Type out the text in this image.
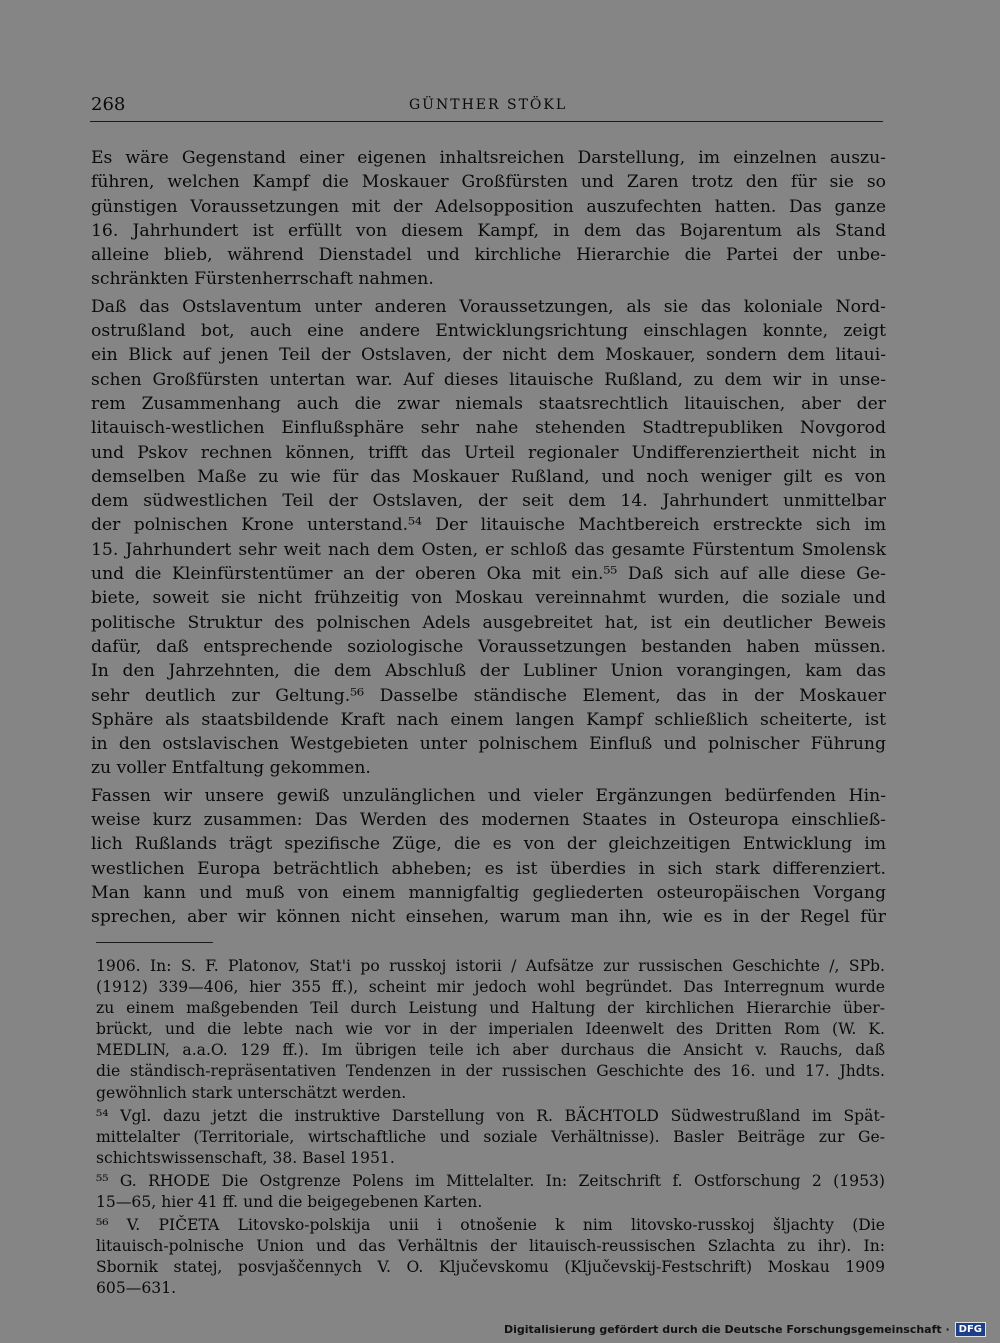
268	GÜNTHER STÖKL
Es wäre Gegenstand einer eigenen inhaltsreichen Darstellung, im einzelnen auszu-
führen, welchen Kampf die Moskauer Großfürsten und Zaren trotz den für sie so
günstigen Voraussetzungen mit der Adelsopposition auszufechten hatten. Das ganze
16. Jahrhundert ist erfüllt von diesem Kampf, in dem das Bojarentum als Stand
alleine blieb, während Dienstadel und kirchliche Hierarchie die Partei der unbe-
schränkten Fürstenherrschaft nahmen.
Daß das Ostslaventum unter anderen Voraussetzungen, als sie das koloniale Nord-
ostrußland bot, auch eine andere Entwicklungsrichtung einschlagen konnte, zeigt
ein Blick auf jenen Teil der Ostslaven, der nicht dem Moskauer, sondern dem litaui-
schen Großfürsten untertan war. Auf dieses litauische Rußland, zu dem wir in unse-
rem Zusammenhang auch die zwar niemals staatsrechtlich litauischen, aber der
litauisch-westlichen Einflußsphäre sehr nahe stehenden Stadtrepubliken Novgorod
und Pskov rechnen können, trifft das Urteil regionaler Undifferenziertheit nicht in
demselben Maße zu wie für das Moskauer Rußland, und noch weniger gilt es von
dem südwestlichen Teil der Ostslaven, der seit dem 14. Jahrhundert unmittelbar
der polnischen Krone unterstand.⁵⁴ Der litauische Machtbereich erstreckte sich im
15. Jahrhundert sehr weit nach dem Osten, er schloß das gesamte Fürstentum Smolensk
und die Kleinfürstentümer an der oberen Oka mit ein.⁵⁵ Daß sich auf alle diese Ge-
biete, soweit sie nicht frühzeitig von Moskau vereinnahmt wurden, die soziale und
politische Struktur des polnischen Adels ausgebreitet hat, ist ein deutlicher Beweis
dafür, daß entsprechende soziologische Voraussetzungen bestanden haben müssen.
In den Jahrzehnten, die dem Abschluß der Lubliner Union vorangingen, kam das
sehr deutlich zur Geltung.⁵⁶ Dasselbe ständische Element, das in der Moskauer
Sphäre als staatsbildende Kraft nach einem langen Kampf schließlich scheiterte, ist
in den ostslavischen Westgebieten unter polnischem Einfluß und polnischer Führung
zu voller Entfaltung gekommen.
Fassen wir unsere gewiß unzulänglichen und vieler Ergänzungen bedürfenden Hin-
weise kurz zusammen: Das Werden des modernen Staates in Osteuropa einschließ-
lich Rußlands trägt spezifische Züge, die es von der gleichzeitigen Entwicklung im
westlichen Europa beträchtlich abheben; es ist überdies in sich stark differenziert.
Man kann und muß von einem mannigfaltig gegliederten osteuropäischen Vorgang
sprechen, aber wir können nicht einsehen, warum man ihn, wie es in der Regel für
1906. In: S. F. Platonov, Stat'i po russkoj istorii / Aufsätze zur russischen Geschichte /, SPb.
(1912) 339—406, hier 355 ff.), scheint mir jedoch wohl begründet. Das Interregnum wurde
zu einem maßgebenden Teil durch Leistung und Haltung der kirchlichen Hierarchie über-
brückt, und die lebte nach wie vor in der imperialen Ideenwelt des Dritten Rom (W. K.
MEDLIN, a.a.O. 129 ff.). Im übrigen teile ich aber durchaus die Ansicht v. Rauchs, daß
die ständisch-repräsentativen Tendenzen in der russischen Geschichte des 16. und 17. Jhdts.
gewöhnlich stark unterschätzt werden.
⁵⁴ Vgl. dazu jetzt die instruktive Darstellung von R. BÄCHTOLD Südwestrußland im Spät-
mittelalter (Territoriale, wirtschaftliche und soziale Verhältnisse). Basler Beiträge zur Ge-
schichtswissenschaft, 38. Basel 1951.
⁵⁵ G. RHODE Die Ostgrenze Polens im Mittelalter. In: Zeitschrift f. Ostforschung 2 (1953)
15—65, hier 41 ff. und die beigegebenen Karten.
⁵⁶ V. PIČETA Litovsko-polskija unii i otnošenie k nim litovsko-russkoj šljachty (Die
litauisch-polnische Union und das Verhältnis der litauisch-reussischen Szlachta zu ihr). In:
Sbornik statej, posvjaščennych V. O. Ključevskomu (Ključevskij-Festschrift) Moskau 1909
605—631.
Digitalisierung gefördert durch die Deutsche Forschungsgemeinschaft · DFG
